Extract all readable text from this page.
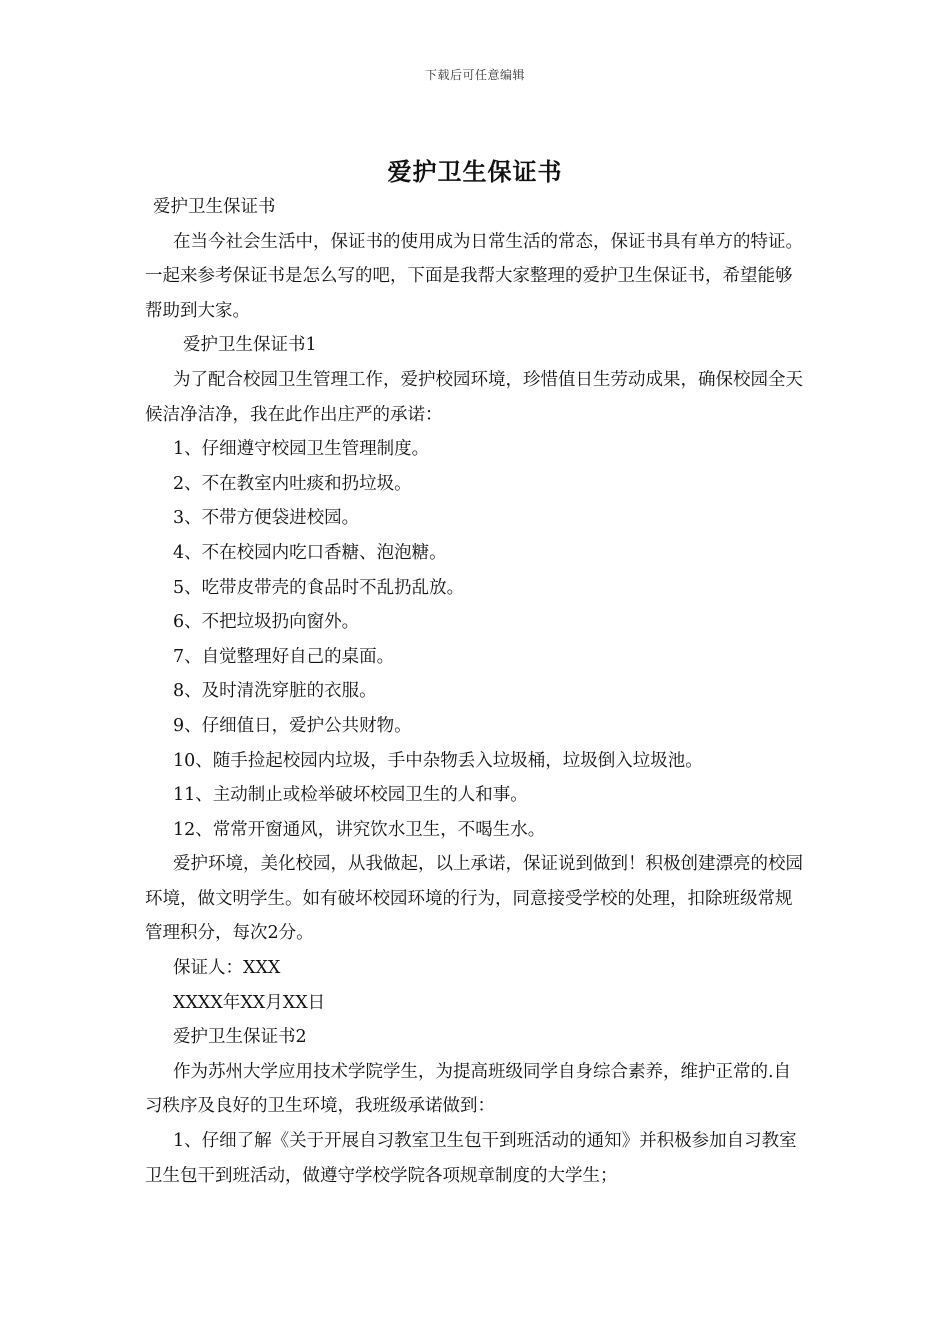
下载后可任意编辑
爱护卫生保证书

爱护卫生保证书

在当今社会生活中，保证书的使用成为日常生活的常态，保证书具有单方的特证。一起来参考保证书是怎么写的吧，下面是我帮大家整理的爱护卫生保证书，希望能够帮助到大家。

爱护卫生保证书1

为了配合校园卫生管理工作，爱护校园环境，珍惜值日生劳动成果，确保校园全天候洁净洁净，我在此作出庄严的承诺：

1、仔细遵守校园卫生管理制度。

2、不在教室内吐痰和扔垃圾。

3、不带方便袋进校园。

4、不在校园内吃口香糖、泡泡糖。

5、吃带皮带壳的食品时不乱扔乱放。

6、不把垃圾扔向窗外。

7、自觉整理好自己的桌面。

8、及时清洗穿脏的衣服。

9、仔细值日，爱护公共财物。

10、随手捡起校园内垃圾，手中杂物丢入垃圾桶，垃圾倒入垃圾池。

11、主动制止或检举破坏校园卫生的人和事。

12、常常开窗通风，讲究饮水卫生，不喝生水。

爱护环境，美化校园，从我做起，以上承诺，保证说到做到！积极创建漂亮的校园环境，做文明学生。如有破坏校园环境的行为，同意接受学校的处理，扣除班级常规管理积分，每次2分。

保证人：XXX

XXXX年XX月XX日

爱护卫生保证书2

作为苏州大学应用技术学院学生，为提高班级同学自身综合素养，维护正常的.自习秩序及良好的卫生环境，我班级承诺做到：

1、仔细了解《关于开展自习教室卫生包干到班活动的通知》并积极参加自习教室卫生包干到班活动，做遵守学校学院各项规章制度的大学生；
